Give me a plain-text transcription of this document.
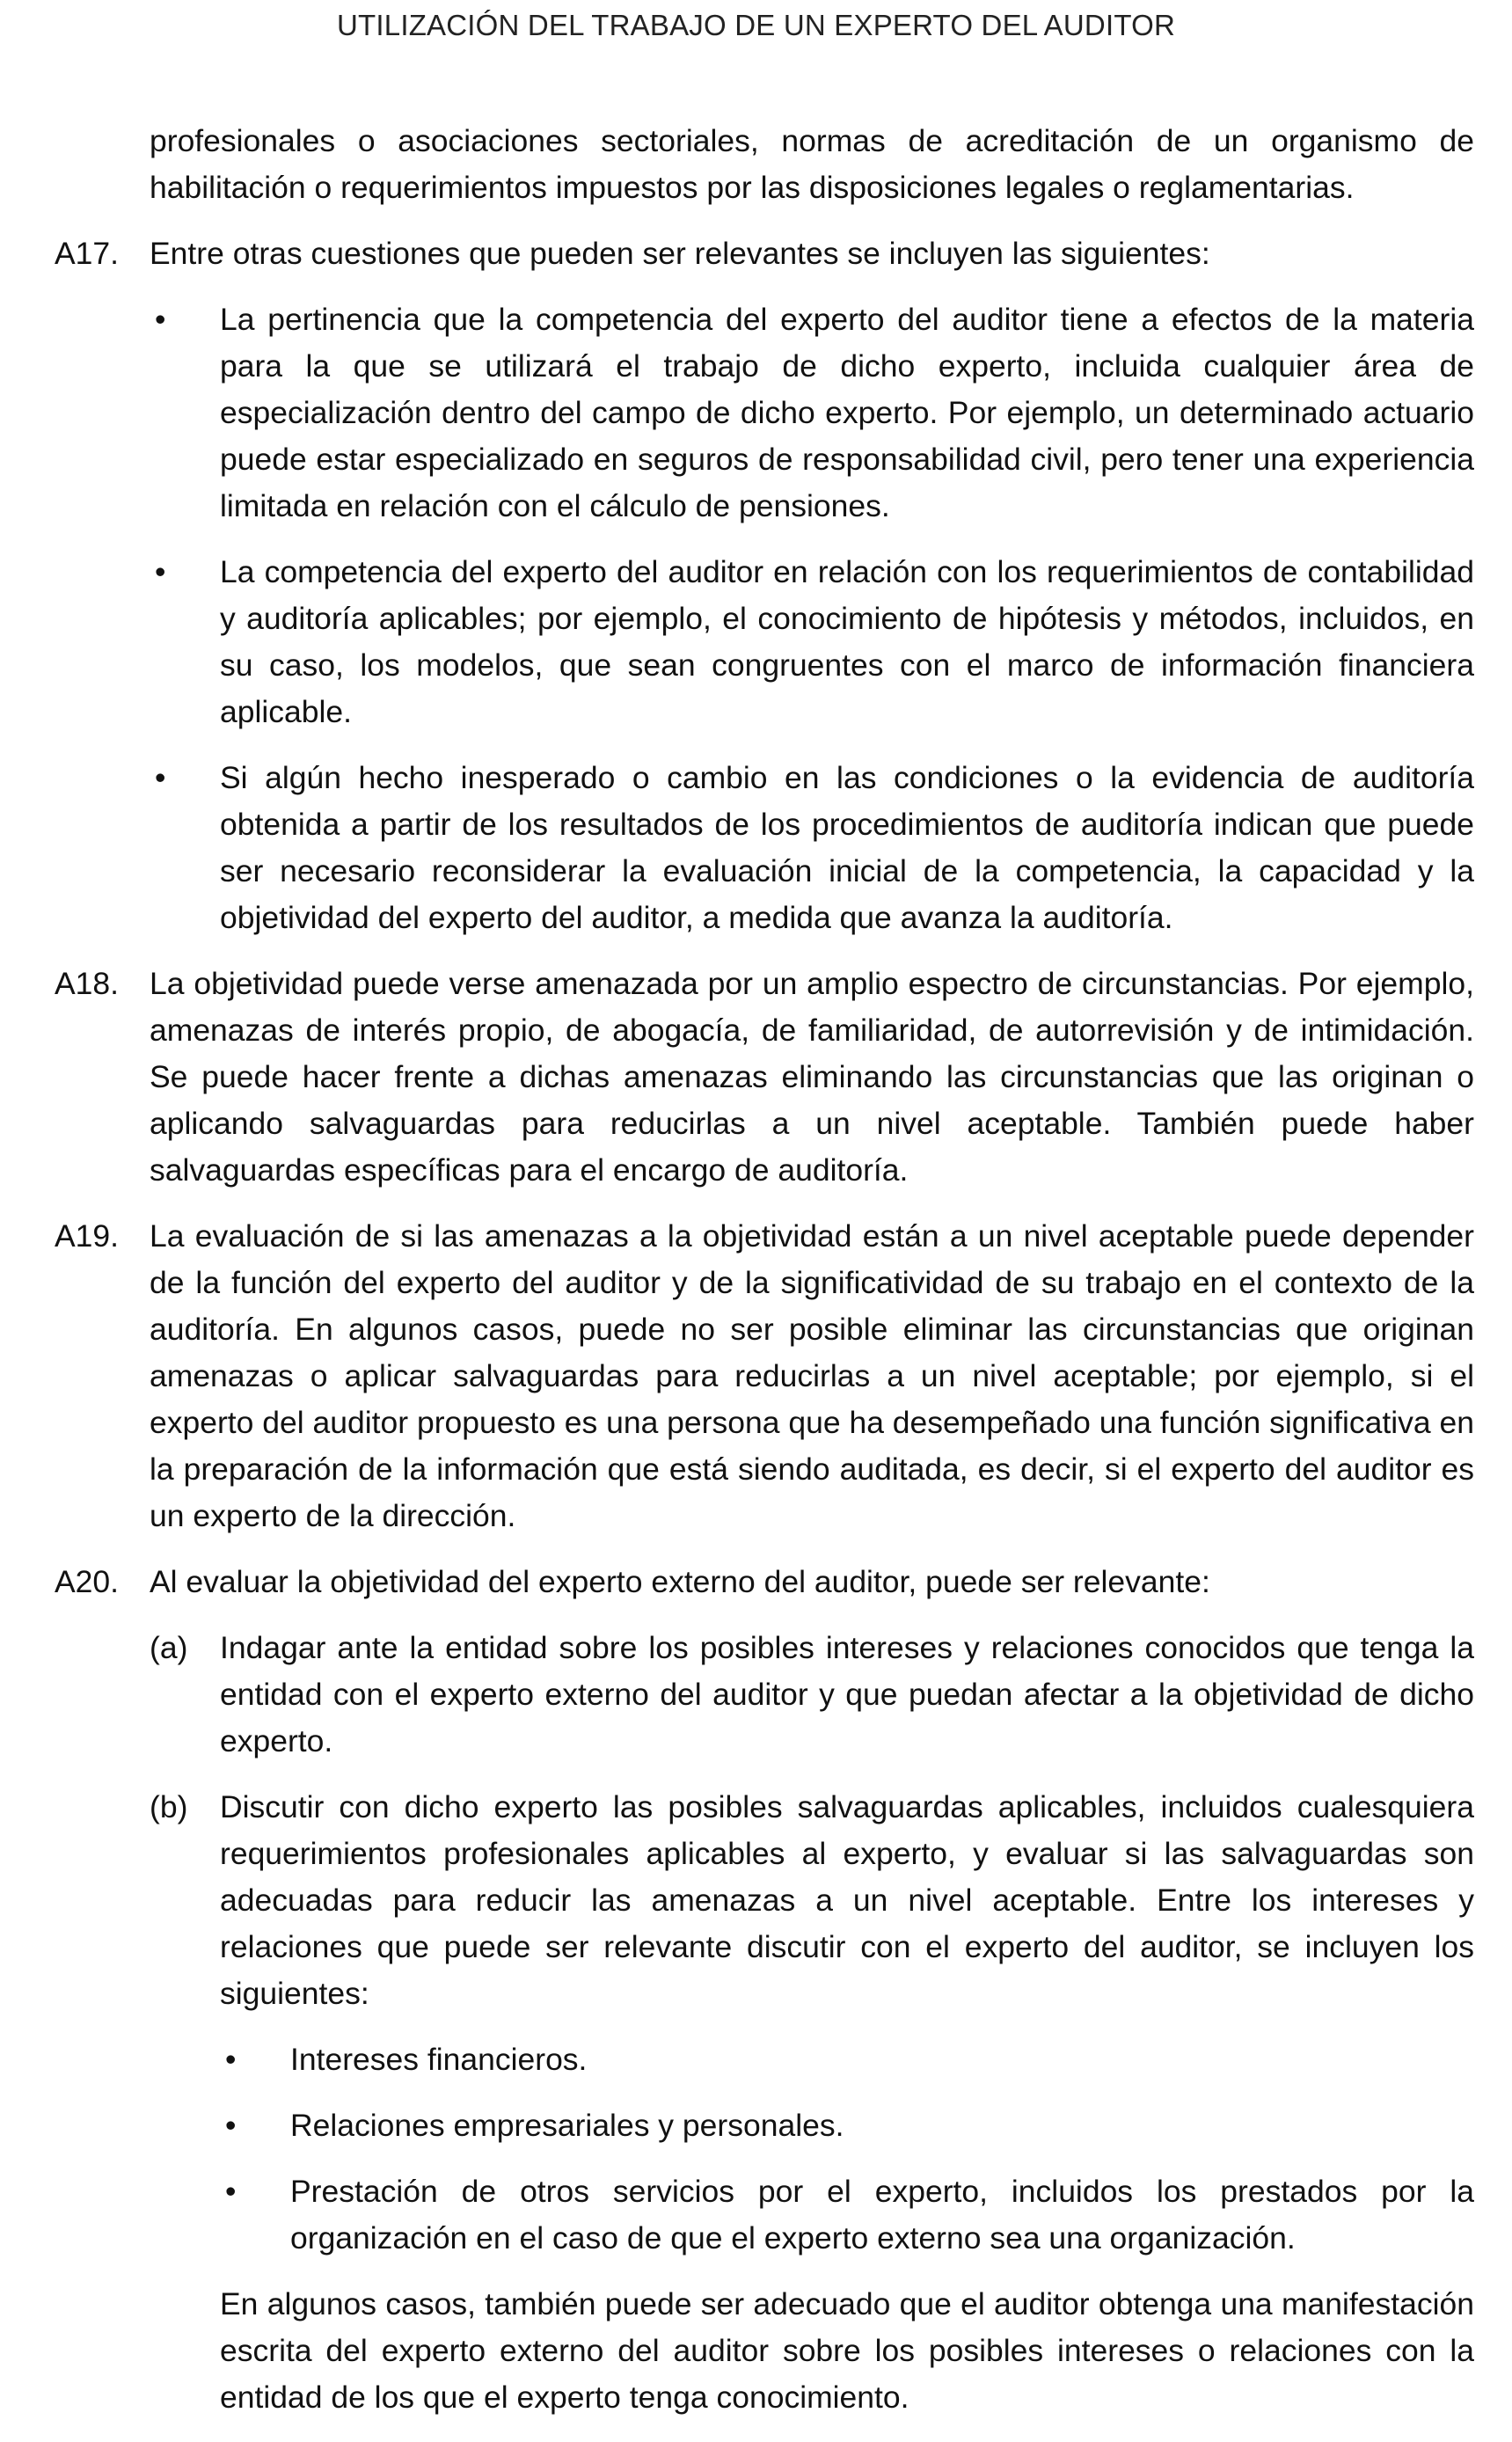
UTILIZACIÓN DEL TRABAJO DE UN EXPERTO DEL AUDITOR

profesionales o asociaciones sectoriales, normas de acreditación de un organismo de habilitación o requerimientos impuestos por las disposiciones legales o reglamentarias.

A17. Entre otras cuestiones que pueden ser relevantes se incluyen las siguientes:

• La pertinencia que la competencia del experto del auditor tiene a efectos de la materia para la que se utilizará el trabajo de dicho experto, incluida cualquier área de especialización dentro del campo de dicho experto. Por ejemplo, un determinado actuario puede estar especializado en seguros de responsabilidad civil, pero tener una experiencia limitada en relación con el cálculo de pensiones.
• La competencia del experto del auditor en relación con los requerimientos de contabilidad y auditoría aplicables; por ejemplo, el conocimiento de hipótesis y métodos, incluidos, en su caso, los modelos, que sean congruentes con el marco de información financiera aplicable.
• Si algún hecho inesperado o cambio en las condiciones o la evidencia de auditoría obtenida a partir de los resultados de los procedimientos de auditoría indican que puede ser necesario reconsiderar la evaluación inicial de la competencia, la capacidad y la objetividad del experto del auditor, a medida que avanza la auditoría.

A18. La objetividad puede verse amenazada por un amplio espectro de circunstancias. Por ejemplo, amenazas de interés propio, de abogacía, de familiaridad, de autorrevisión y de intimidación. Se puede hacer frente a dichas amenazas eliminando las circunstancias que las originan o aplicando salvaguardas para reducirlas a un nivel aceptable. También puede haber salvaguardas específicas para el encargo de auditoría.

A19. La evaluación de si las amenazas a la objetividad están a un nivel aceptable puede depender de la función del experto del auditor y de la significatividad de su trabajo en el contexto de la auditoría. En algunos casos, puede no ser posible eliminar las circunstancias que originan amenazas o aplicar salvaguardas para reducirlas a un nivel aceptable; por ejemplo, si el experto del auditor propuesto es una persona que ha desempeñado una función significativa en la preparación de la información que está siendo auditada, es decir, si el experto del auditor es un experto de la dirección.

A20. Al evaluar la objetividad del experto externo del auditor, puede ser relevante:

(a) Indagar ante la entidad sobre los posibles intereses y relaciones conocidos que tenga la entidad con el experto externo del auditor y que puedan afectar a la objetividad de dicho experto.
(b) Discutir con dicho experto las posibles salvaguardas aplicables, incluidos cualesquiera requerimientos profesionales aplicables al experto, y evaluar si las salvaguardas son adecuadas para reducir las amenazas a un nivel aceptable. Entre los intereses y relaciones que puede ser relevante discutir con el experto del auditor, se incluyen los siguientes:
• Intereses financieros.
• Relaciones empresariales y personales.
• Prestación de otros servicios por el experto, incluidos los prestados por la organización en el caso de que el experto externo sea una organización.

En algunos casos, también puede ser adecuado que el auditor obtenga una manifestación escrita del experto externo del auditor sobre los posibles intereses o relaciones con la entidad de los que el experto tenga conocimiento.
